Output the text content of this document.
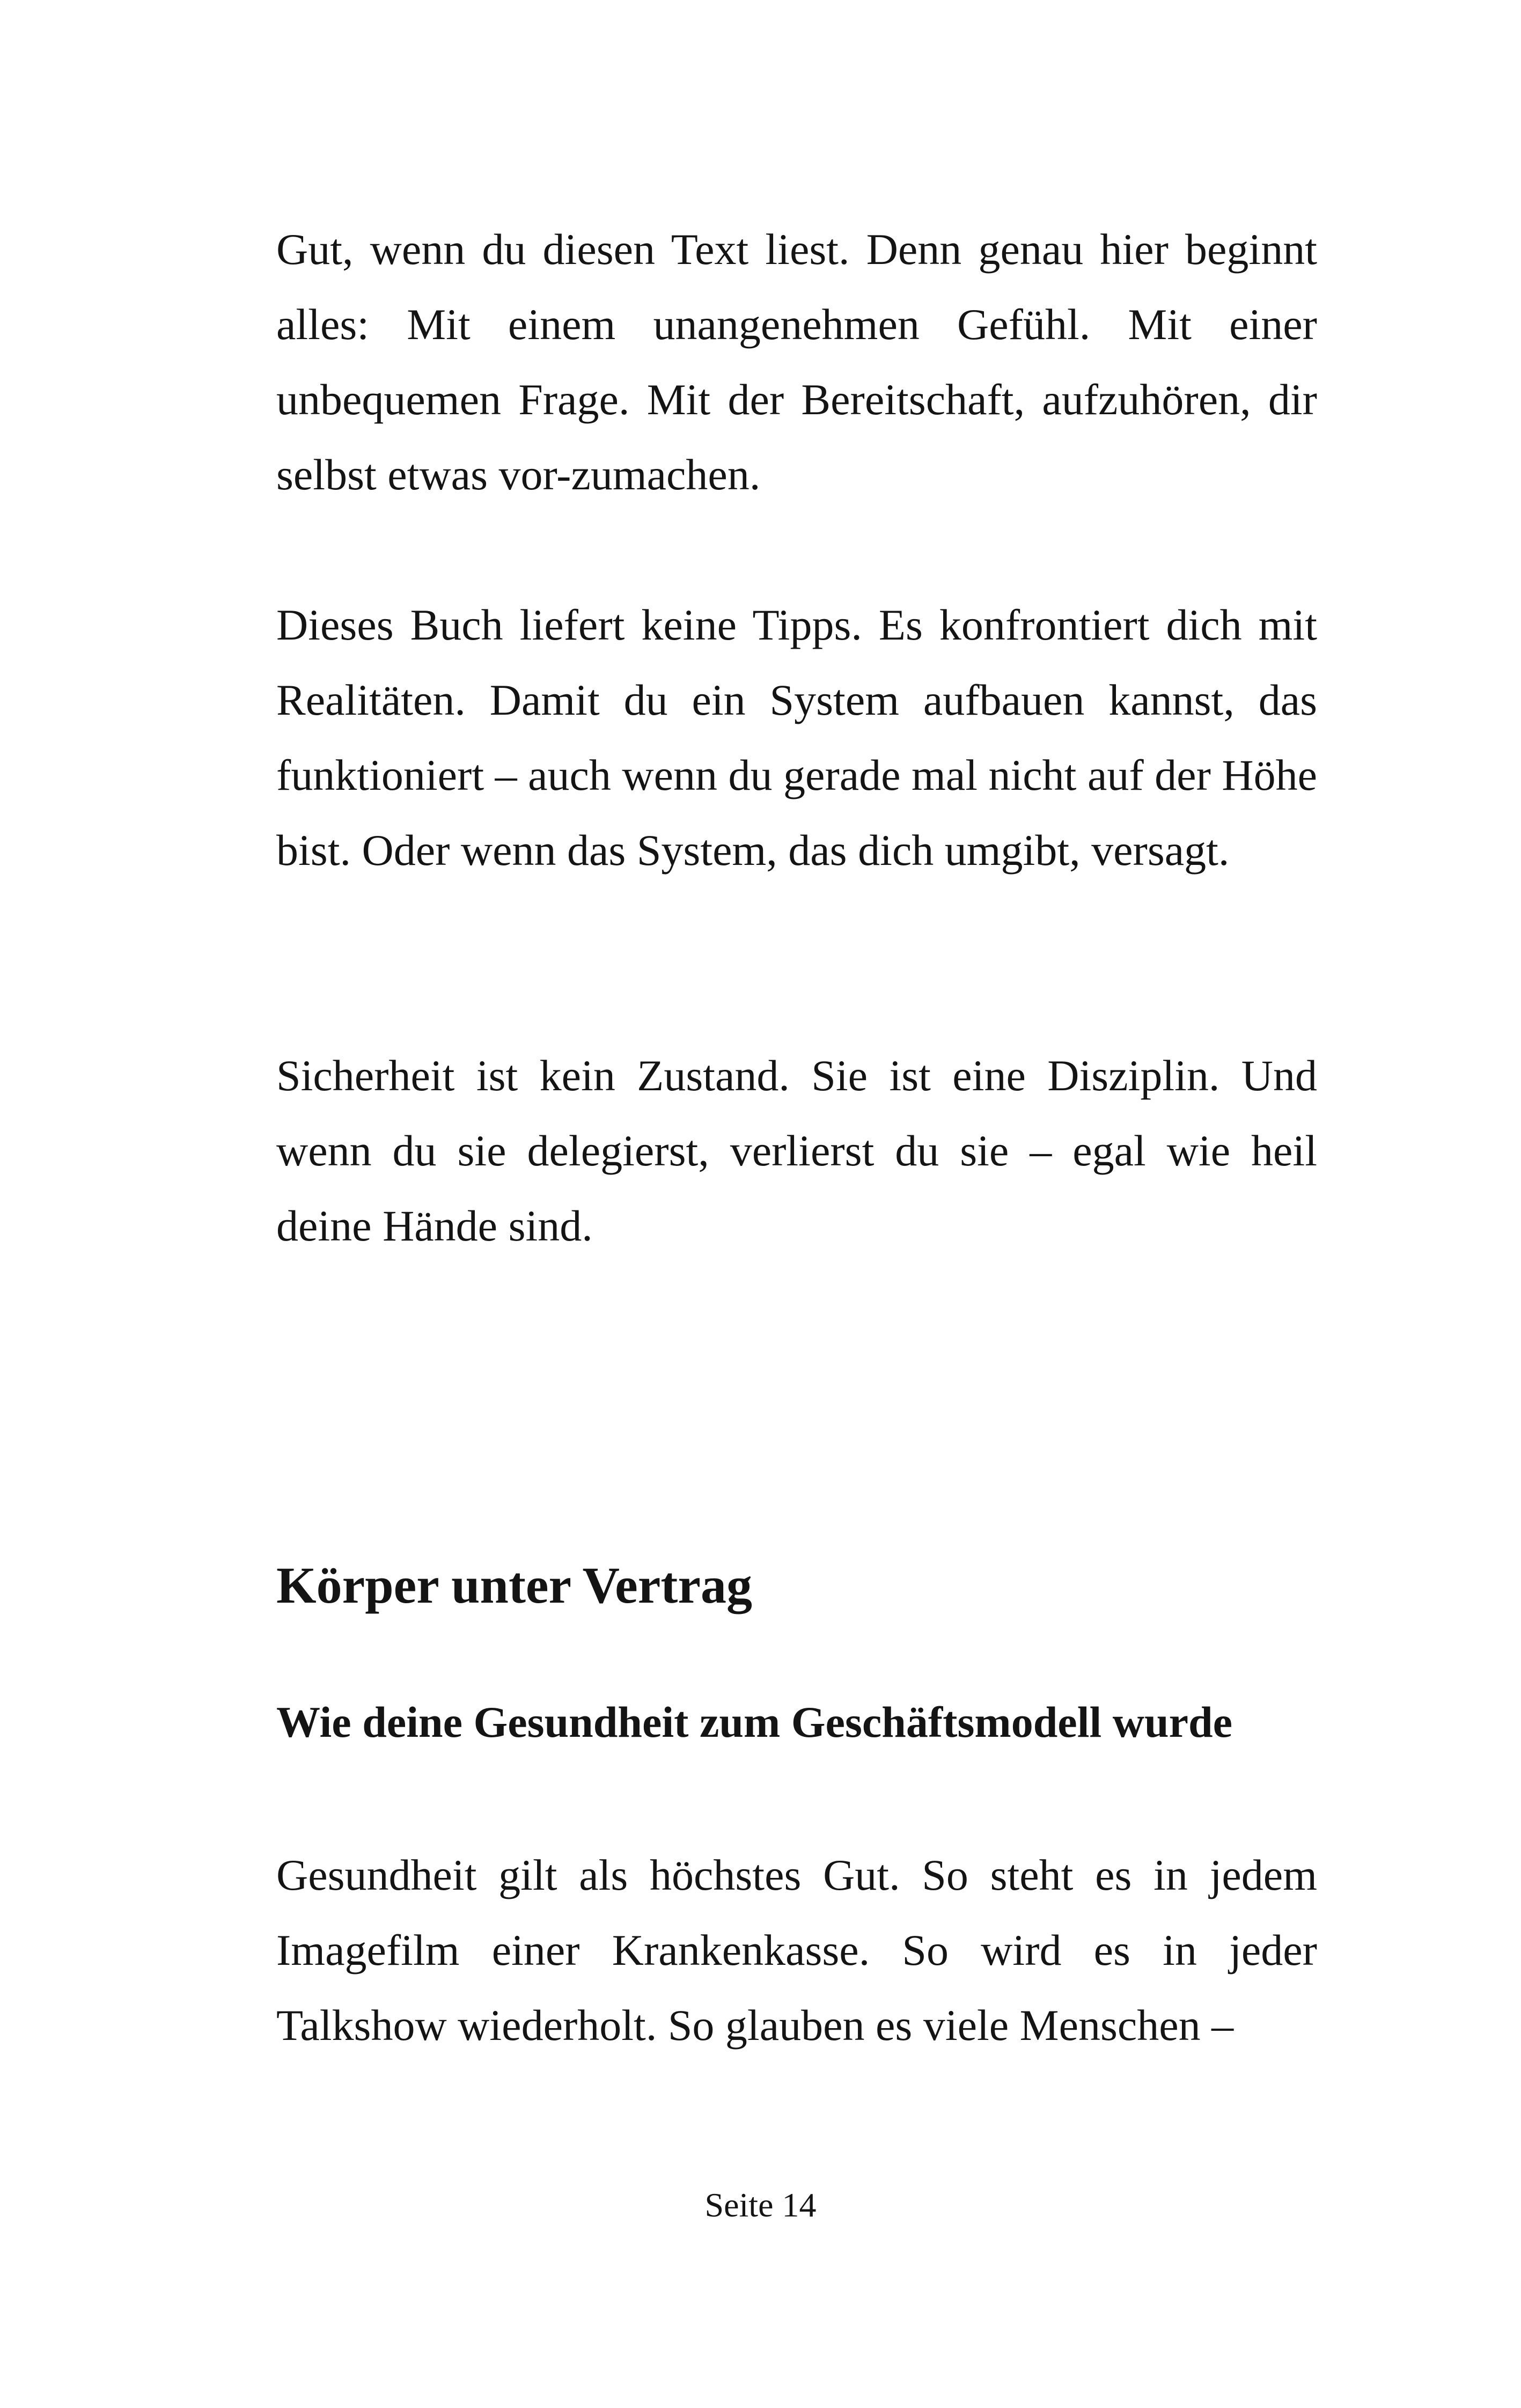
Gut, wenn du diesen Text liest. Denn genau hier beginnt alles: Mit einem unangenehmen Gefühl. Mit einer unbequemen Frage. Mit der Bereitschaft, aufzuhören, dir selbst etwas vor-zumachen.

Dieses Buch liefert keine Tipps. Es konfrontiert dich mit Realitäten. Damit du ein System aufbauen kannst, das funktioniert – auch wenn du gerade mal nicht auf der Höhe bist. Oder wenn das System, das dich umgibt, versagt.

Sicherheit ist kein Zustand. Sie ist eine Disziplin. Und wenn du sie delegierst, verlierst du sie – egal wie heil deine Hände sind.

Körper unter Vertrag
Wie deine Gesundheit zum Geschäftsmodell wurde

Gesundheit gilt als höchstes Gut. So steht es in jedem Imagefilm einer Krankenkasse. So wird es in jeder Talkshow wiederholt. So glauben es viele Menschen –

Seite 14
